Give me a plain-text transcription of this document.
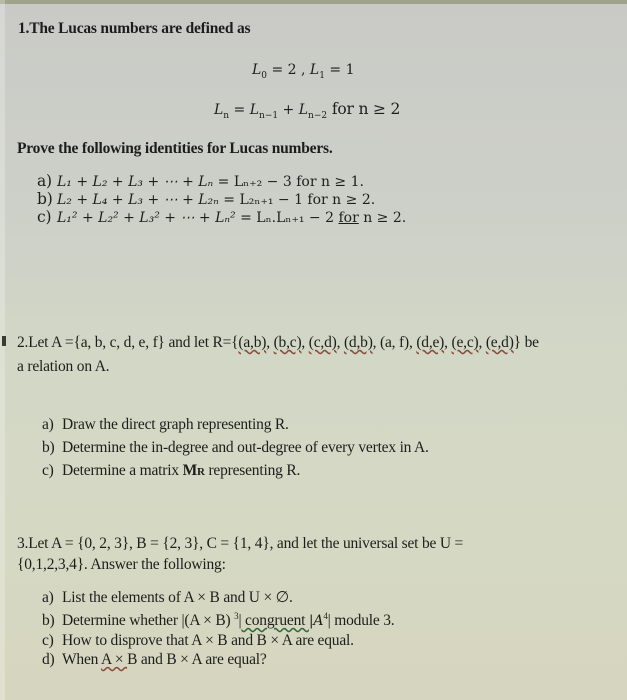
1.The Lucas numbers are defined as
$L_0 = 2$ , $L_1 = 1$
$L_n = L_{n-1} + L_{n-2}$ for n ≥ 2
Prove the following identities for Lucas numbers.
a) L₁ + L₂ + L₃ + ⋯ + Lₙ = Lₙ₊₂ − 3 for n ≥ 1.
b) L₂ + L₄ + L₃ + ⋯ + L₂ₙ = L₂ₙ₊₁ − 1 for n ≥ 2.
c) L₁² + L₂² + L₃² + ⋯ + Lₙ² = Lₙ.Lₙ₊₁ − 2 for n ≥ 2.
2.Let A ={a, b, c, d, e, f} and let R={(a,b), (b,c), (c,d), (d,b), (a, f), (d,e), (e,c), (e,d)} be
a relation on A.
a) Draw the direct graph representing R.
b) Determine the in-degree and out-degree of every vertex in A.
c) Determine a matrix MR representing R.
3.Let A = {0, 2, 3}, B = {2, 3}, C = {1, 4}, and let the universal set be U =
{0,1,2,3,4}. Answer the following:
a) List the elements of A × B and U × ∅.
b) Determine whether |(A × B) $^3$| congruent $|A^4|$ module 3.
c) How to disprove that A × B and B × A are equal.
d) When A × B and B × A are equal?
